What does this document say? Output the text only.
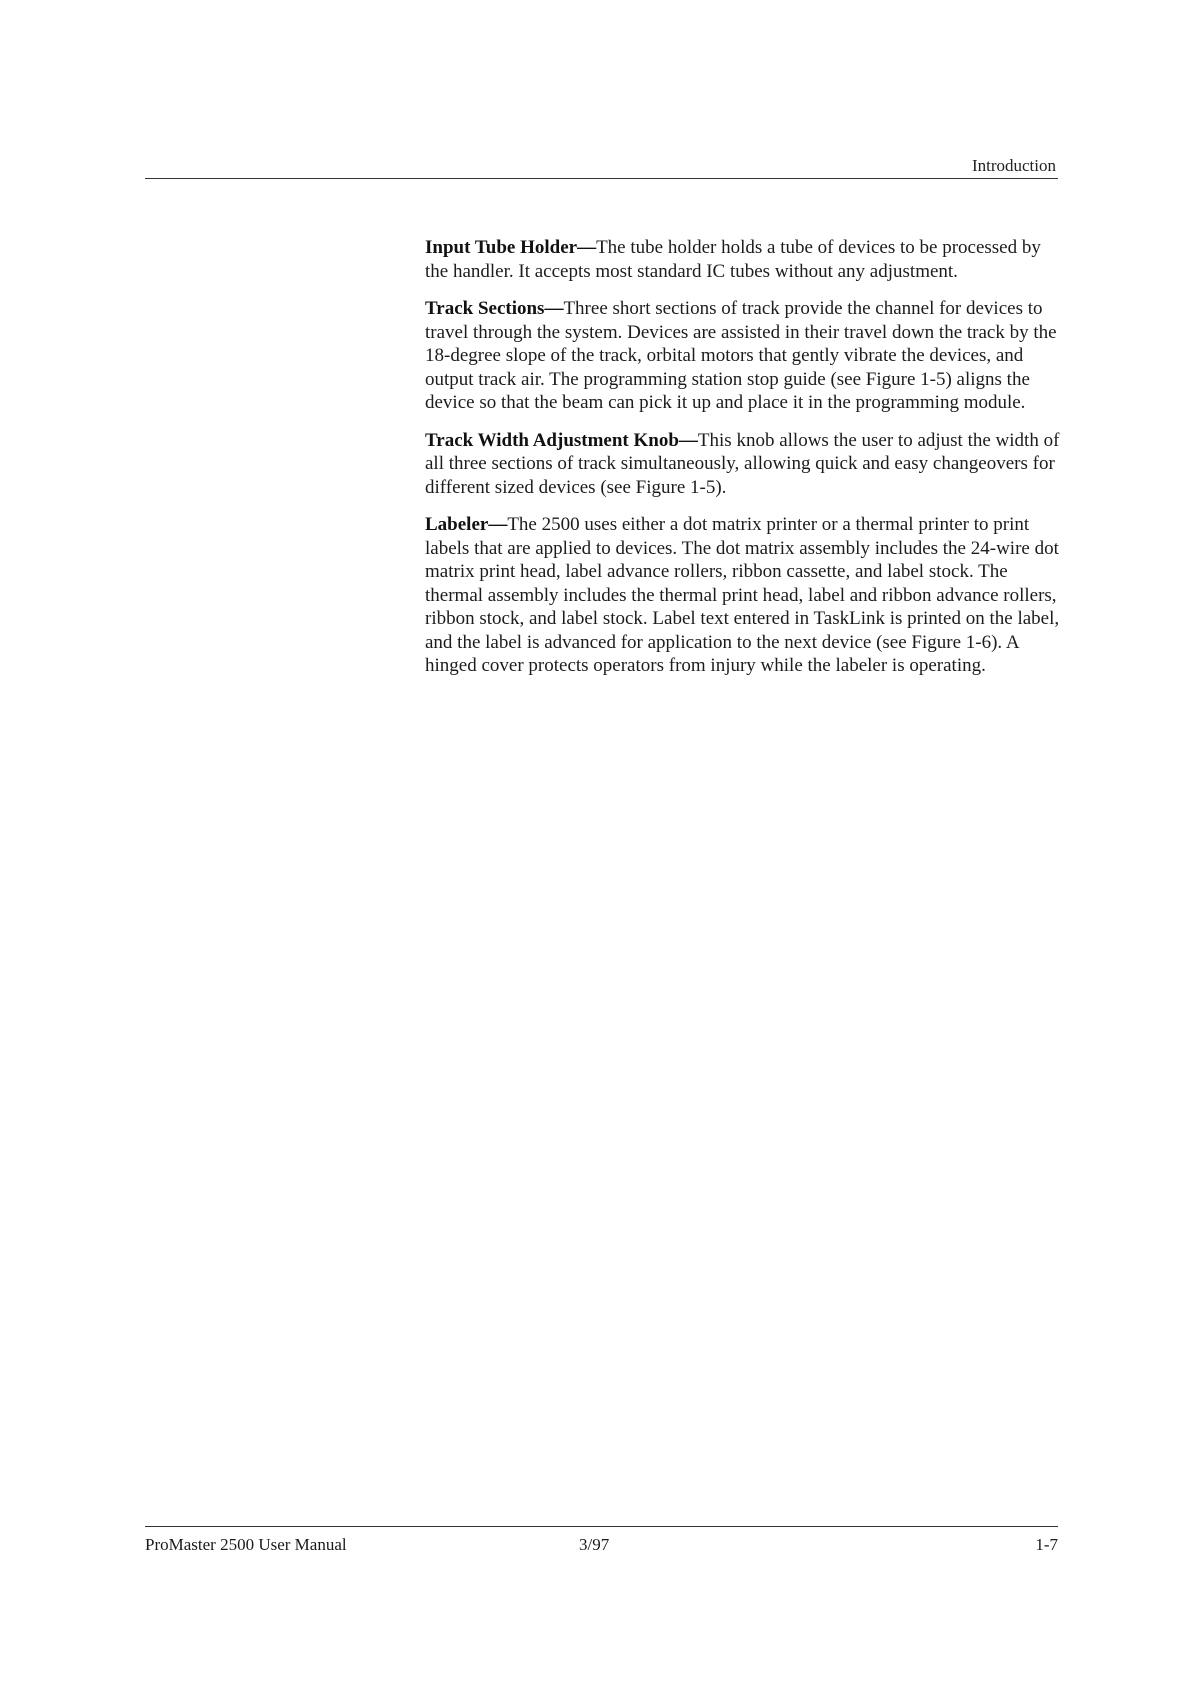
Introduction

Input Tube Holder—The tube holder holds a tube of devices to be processed by the handler. It accepts most standard IC tubes without any adjustment.

Track Sections—Three short sections of track provide the channel for devices to travel through the system. Devices are assisted in their travel down the track by the 18-degree slope of the track, orbital motors that gently vibrate the devices, and output track air. The programming station stop guide (see Figure 1-5) aligns the device so that the beam can pick it up and place it in the programming module.

Track Width Adjustment Knob—This knob allows the user to adjust the width of all three sections of track simultaneously, allowing quick and easy changeovers for different sized devices (see Figure 1-5).

Labeler—The 2500 uses either a dot matrix printer or a thermal printer to print labels that are applied to devices. The dot matrix assembly includes the 24-wire dot matrix print head, label advance rollers, ribbon cassette, and label stock. The thermal assembly includes the thermal print head, label and ribbon advance rollers, ribbon stock, and label stock. Label text entered in TaskLink is printed on the label, and the label is advanced for application to the next device (see Figure 1-6). A hinged cover protects operators from injury while the labeler is operating.

ProMaster 2500 User Manual	3/97	1-7
